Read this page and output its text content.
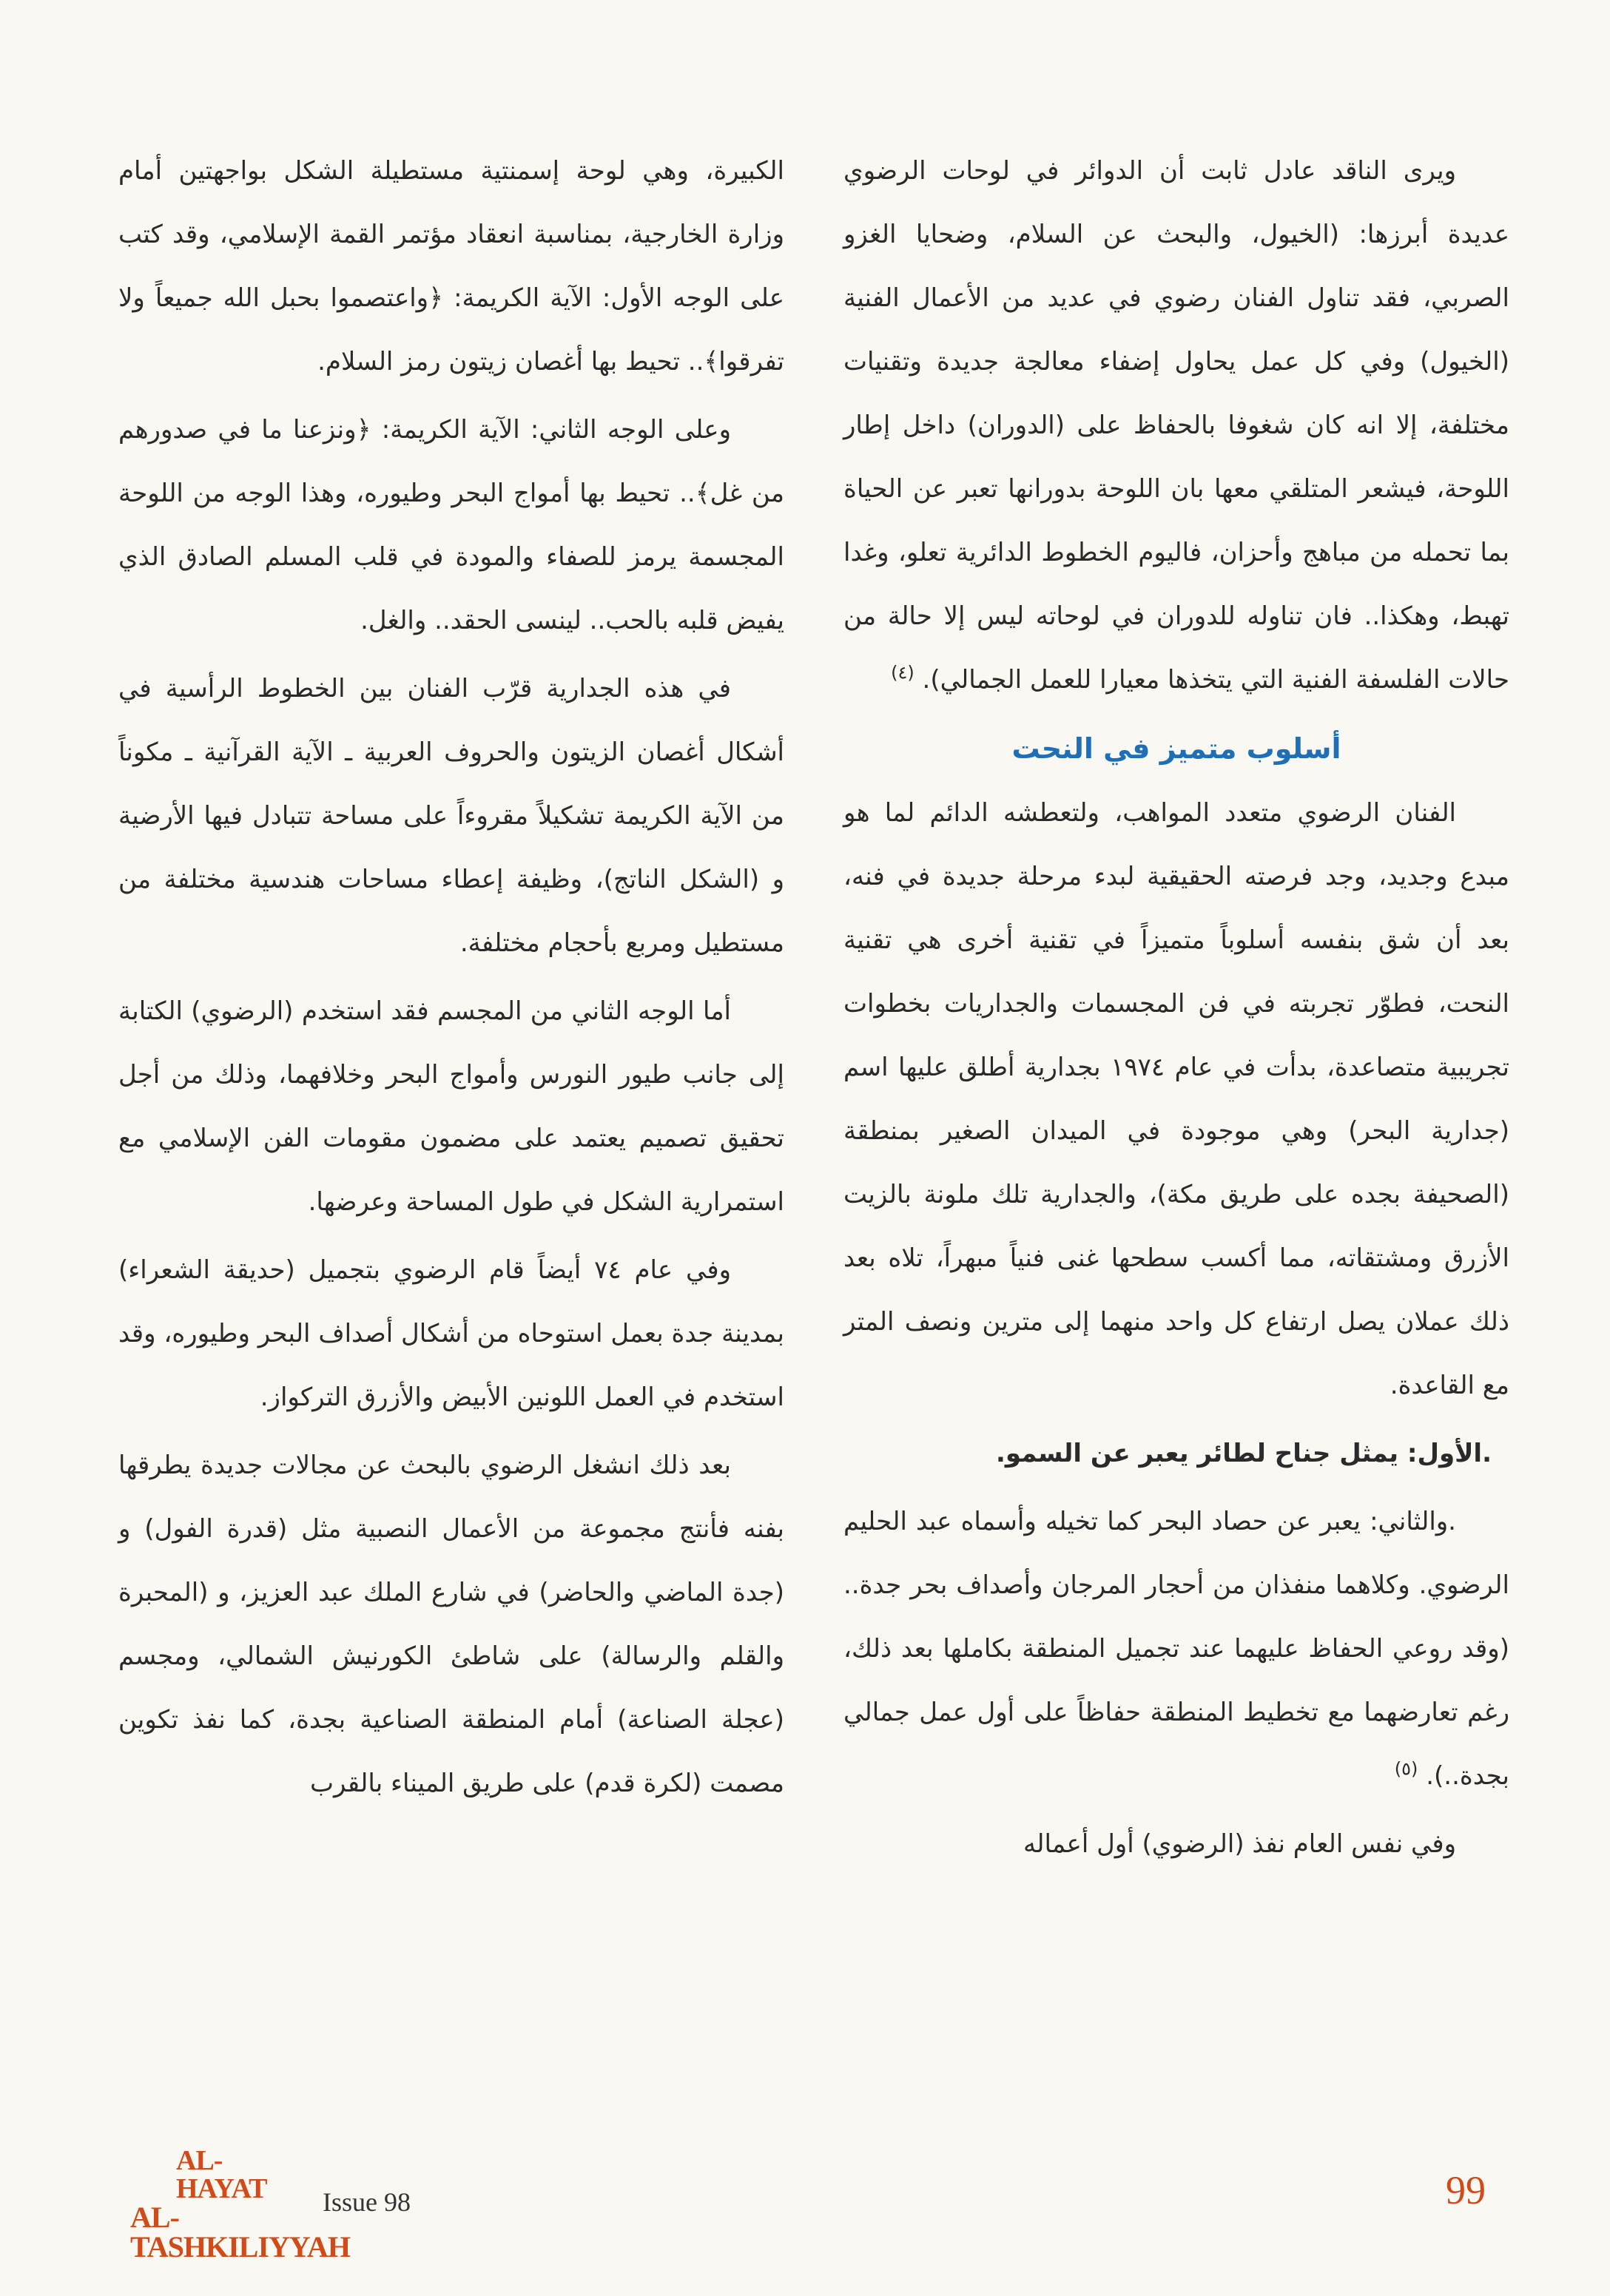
ويرى الناقد عادل ثابت أن الدوائر في لوحات الرضوي عديدة أبرزها: (الخيول، والبحث عن السلام، وضحايا الغزو الصربي، فقد تناول الفنان رضوي في عديد من الأعمال الفنية (الخيول) وفي كل عمل يحاول إضفاء معالجة جديدة وتقنيات مختلفة، إلا انه كان شغوفا بالحفاظ على (الدوران) داخل إطار اللوحة، فيشعر المتلقي معها بان اللوحة بدورانها تعبر عن الحياة بما تحمله من مباهج وأحزان، فاليوم الخطوط الدائرية تعلو، وغدا تهبط، وهكذا.. فان تناوله للدوران في لوحاته ليس إلا حالة من حالات الفلسفة الفنية التي يتخذها معيارا للعمل الجمالي). $^{(٤)}$

أسلوب متميز في النحت

الفنان الرضوي متعدد المواهب، ولتعطشه الدائم لما هو مبدع وجديد، وجد فرصته الحقيقية لبدء مرحلة جديدة في فنه، بعد أن شق بنفسه أسلوباً متميزاً في تقنية أخرى هي تقنية النحت، فطوّر تجربته في فن المجسمات والجداريات بخطوات تجريبية متصاعدة، بدأت في عام ١٩٧٤ بجدارية أطلق عليها اسم (جدارية البحر) وهي موجودة في الميدان الصغير بمنطقة (الصحيفة بجده على طريق مكة)، والجدارية تلك ملونة بالزيت الأزرق ومشتقاته، مما أكسب سطحها غنى فنياً مبهراً، تلاه بعد ذلك عملان يصل ارتفاع كل واحد منهما إلى مترين ونصف المتر مع القاعدة.

.الأول: يمثل جناح لطائر يعبر عن السمو.

.والثاني: يعبر عن حصاد البحر كما تخيله وأسماه عبد الحليم الرضوي. وكلاهما منفذان من أحجار المرجان وأصداف بحر جدة.. (وقد روعي الحفاظ عليهما عند تجميل المنطقة بكاملها بعد ذلك، رغم تعارضهما مع تخطيط المنطقة حفاظاً على أول عمل جمالي بجدة..). $^{(٥)}$

وفي نفس العام نفذ (الرضوي) أول أعماله

الكبيرة، وهي لوحة إسمنتية مستطيلة الشكل بواجهتين أمام وزارة الخارجية، بمناسبة انعقاد مؤتمر القمة الإسلامي، وقد كتب على الوجه الأول: الآية الكريمة: ﴿واعتصموا بحبل الله جميعاً ولا تفرقوا﴾.. تحيط بها أغصان زيتون رمز السلام.

وعلى الوجه الثاني: الآية الكريمة: ﴿ونزعنا ما في صدورهم من غل﴾.. تحيط بها أمواج البحر وطيوره، وهذا الوجه من اللوحة المجسمة يرمز للصفاء والمودة في قلب المسلم الصادق الذي يفيض قلبه بالحب.. لينسى الحقد.. والغل.

في هذه الجدارية قرّب الفنان بين الخطوط الرأسية في أشكال أغصان الزيتون والحروف العربية ـ الآية القرآنية ـ مكوناً من الآية الكريمة تشكيلاً مقروءاً على مساحة تتبادل فيها الأرضية و (الشكل الناتج)، وظيفة إعطاء مساحات هندسية مختلفة من مستطيل ومربع بأحجام مختلفة.

أما الوجه الثاني من المجسم فقد استخدم (الرضوي) الكتابة إلى جانب طيور النورس وأمواج البحر وخلافهما، وذلك من أجل تحقيق تصميم يعتمد على مضمون مقومات الفن الإسلامي مع استمرارية الشكل في طول المساحة وعرضها.

وفي عام ٧٤ أيضاً قام الرضوي بتجميل (حديقة الشعراء) بمدينة جدة بعمل استوحاه من أشكال أصداف البحر وطيوره، وقد استخدم في العمل اللونين الأبيض والأزرق التركواز.

بعد ذلك انشغل الرضوي بالبحث عن مجالات جديدة يطرقها بفنه فأنتج مجموعة من الأعمال النصبية مثل (قدرة الفول) و (جدة الماضي والحاضر) في شارع الملك عبد العزيز، و (المحبرة والقلم والرسالة) على شاطئ الكورنيش الشمالي، ومجسم (عجلة الصناعة) أمام المنطقة الصناعية بجدة، كما نفذ تكوين مصمت (لكرة قدم) على طريق الميناء بالقرب

AL-HAYAT
AL-TASHKILIYYAH
Issue 98	99
